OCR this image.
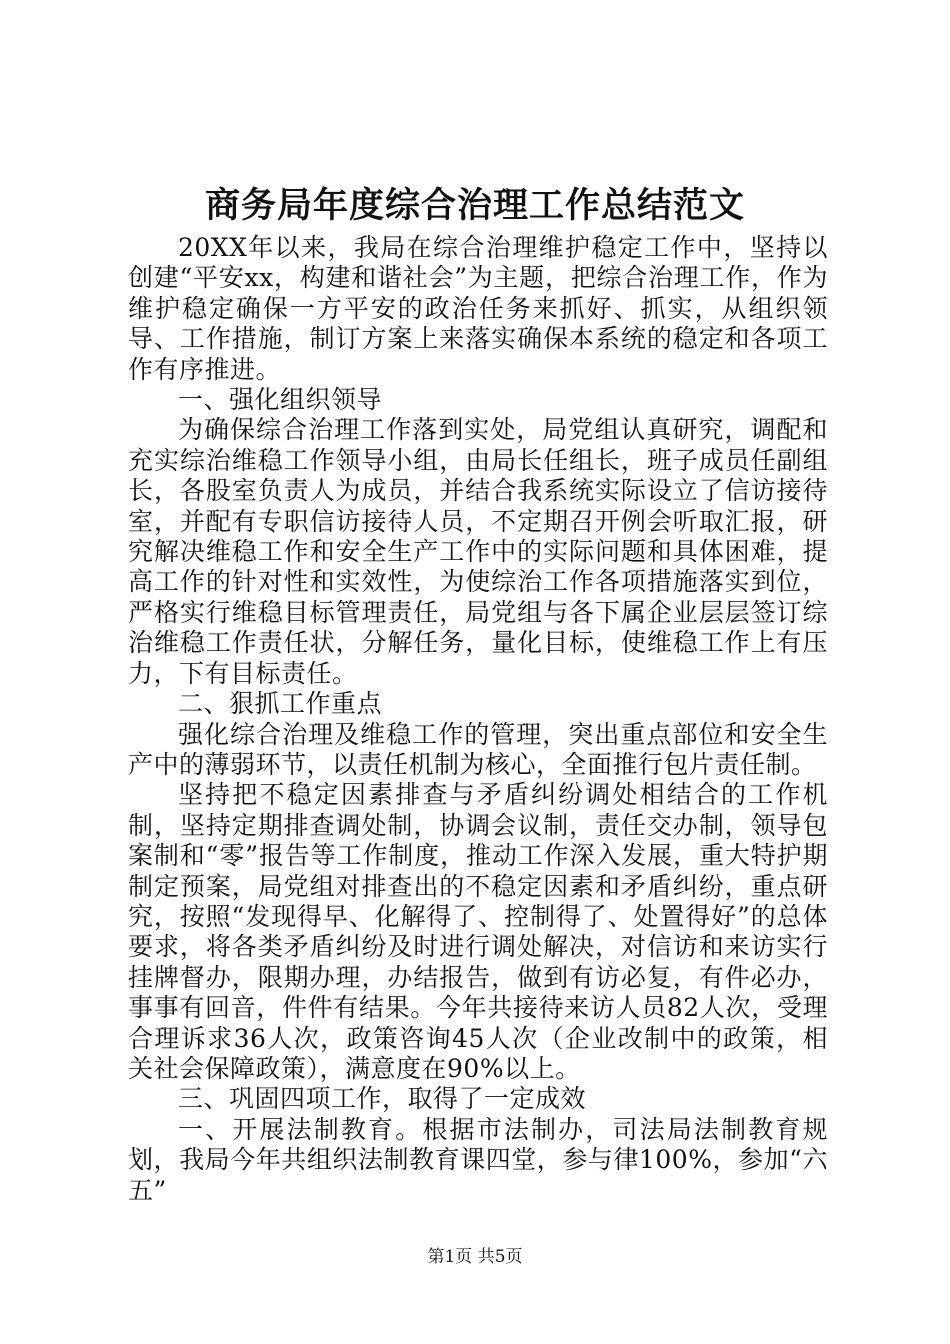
商务局年度综合治理工作总结范文

20XX年以来，我局在综合治理维护稳定工作中，坚持以创建“平安xx，构建和谐社会”为主题，把综合治理工作，作为维护稳定确保一方平安的政治任务来抓好、抓实，从组织领导、工作措施，制订方案上来落实确保本系统的稳定和各项工作有序推进。

一、强化组织领导

为确保综合治理工作落到实处，局党组认真研究，调配和充实综治维稳工作领导小组，由局长任组长，班子成员任副组长，各股室负责人为成员，并结合我系统实际设立了信访接待室，并配有专职信访接待人员，不定期召开例会听取汇报，研究解决维稳工作和安全生产工作中的实际问题和具体困难，提高工作的针对性和实效性，为使综治工作各项措施落实到位，严格实行维稳目标管理责任，局党组与各下属企业层层签订综治维稳工作责任状，分解任务，量化目标，使维稳工作上有压力，下有目标责任。

二、狠抓工作重点

强化综合治理及维稳工作的管理，突出重点部位和安全生产中的薄弱环节，以责任机制为核心，全面推行包片责任制。

坚持把不稳定因素排查与矛盾纠纷调处相结合的工作机制，坚持定期排查调处制，协调会议制，责任交办制，领导包案制和“零”报告等工作制度，推动工作深入发展，重大特护期制定预案，局党组对排查出的不稳定因素和矛盾纠纷，重点研究，按照“发现得早、化解得了、控制得了、处置得好”的总体要求，将各类矛盾纠纷及时进行调处解决，对信访和来访实行挂牌督办，限期办理，办结报告，做到有访必复，有件必办，事事有回音，件件有结果。今年共接待来访人员82人次，受理合理诉求36人次，政策咨询45人次（企业改制中的政策，相关社会保障政策），满意度在90%以上。

三、巩固四项工作，取得了一定成效

一、开展法制教育。根据市法制办，司法局法制教育规划，我局今年共组织法制教育课四堂，参与律100%，参加“六五”

第1页 共5页
